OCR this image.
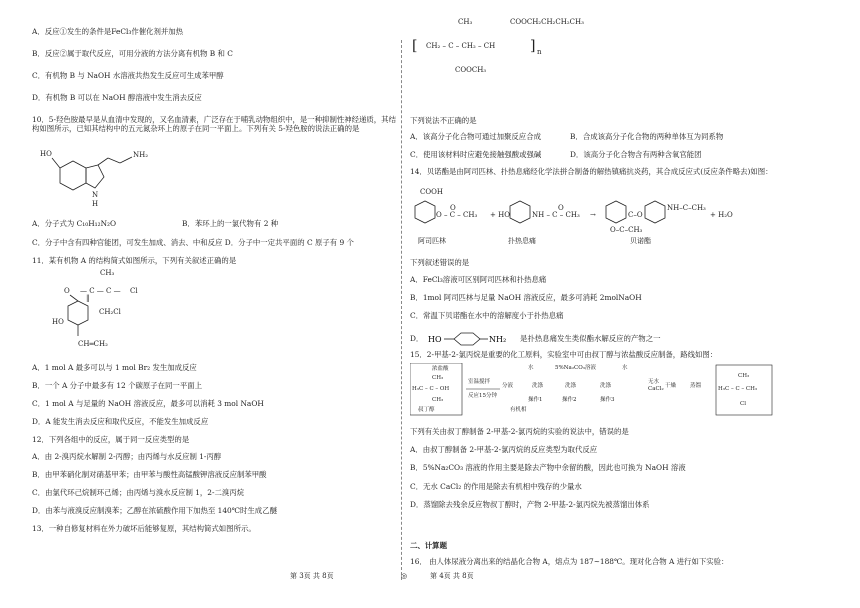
A．反应①发生的条件是FeCl₃作催化剂并加热
B．反应②属于取代反应，可用分液的方法分离有机物 B 和 C
C．有机物 B 与 NaOH 水溶液共热发生反应可生成苯甲醇
D．有机物 B 可以在 NaOH 醇溶液中发生消去反应
10．5-羟色胺最早是从血清中发现的，又名血清素，广泛存在于哺乳动物组织中，是一种抑制性神经递质，其结构如图所示，已知其结构中的五元氮杂环上的原子在同一平面上。下列有关 5-羟色胺的说法正确的是
HO	NH₂
N
H
A．分子式为 C₁₀H₁₂N₂O	B．苯环上的一氯代物有 2 种
C．分子中含有四种官能团，可发生加成、消去、中和反应 D．分子中一定共平面的 C 原子有 9 个
11．某有机物 A 的结构简式如图所示，下列有关叙述正确的是
CH₃
O — C — C — Cl
CH₂Cl
‖
HO
CH═CH₂
A．1 mol A 最多可以与 1 mol Br₂ 发生加成反应
B．一个 A 分子中最多有 12 个碳原子在同一平面上
C．1 mol A 与足量的 NaOH 溶液反应，最多可以消耗 3 mol NaOH
D．A 能发生消去反应和取代反应，不能发生加成反应
12．下列各组中的反应，属于同一反应类型的是
A．由 2-溴丙烷水解制 2-丙醇；由丙烯与水反应制 1-丙醇
B．由甲苯硝化制对硝基甲苯；由甲苯与酸性高锰酸钾溶液反应制苯甲酸
C．由氯代环己烷制环己烯；由丙烯与溴水反应制 1，2-二溴丙烷
D．由苯与液溴反应制溴苯；乙醇在浓硫酸作用下加热至 140℃时生成乙醚
13．一种自修复材料在外力破坏后能够复原，其结构简式如图所示。
CH₃	COOCH₂CH₂CH₂CH₃
[ CH₂ – C – CH₂ – CH ] n
COOCH₃
下列说法不正确的是
A．该高分子化合物可通过加聚反应合成	B．合成该高分子化合物的两种单体互为同系物
C．使用该材料时应避免接触强酸或强碱	D．该高分子化合物含有两种含氧官能团
14．贝诺酯是由阿司匹林、扑热息痛经化学法拼合制备的解热镇痛抗炎药，其合成反应式(反应条件略去)如图：
COOH
O – C – CH₃
O
+ HO	NH – C – CH₃
O
→	C–O
NH–C–CH₃
O–C–CH₃
+ H₂O
阿司匹林	扑热息痛	贝诺酯
下列叙述错误的是
A．FeCl₃溶液可区别阿司匹林和扑热息痛
B．1mol 阿司匹林与足量 NaOH 溶液反应，最多可消耗 2molNaOH
C．常温下贝诺酯在水中的溶解度小于扑热息痛
D． HO	NH₂ 是扑热息痛发生类似酯水解反应的产物之一
15．2-甲基-2-氯丙烷是重要的化工原料，实验室中可由叔丁醇与浓盐酸反应制备，路线如图：
浓盐酸
CH₃
H₃C – C – OH
CH₃
叔丁醇
室温搅拌
反应15分钟
分液
水	5%Na₂CO₃溶液	水
无水
CaCl₂
洗涤	洗涤	洗涤	干燥	蒸馏
操作1	操作2	操作3
有机相
CH₃
H₃C – C – CH₃
Cl
下列有关由叔丁醇制备 2-甲基-2-氯丙烷的实验的说法中，错误的是
A．由叔丁醇制备 2-甲基-2-氯丙烷的反应类型为取代反应
B．5%Na₂CO₃ 溶液的作用主要是除去产物中余留的酸，因此也可换为 NaOH 溶液
C．无水 CaCl₂ 的作用是除去有机相中残存的少量水
D．蒸馏除去残余反应物叔丁醇时，产物 2-甲基-2-氯丙烷先被蒸馏出体系
二、计算题
16． 由人体尿液分离出来的结晶化合物 A，熔点为 187~188℃。现对化合物 A 进行如下实验：
第 3页 共 8页	◎	第 4页 共 8页
